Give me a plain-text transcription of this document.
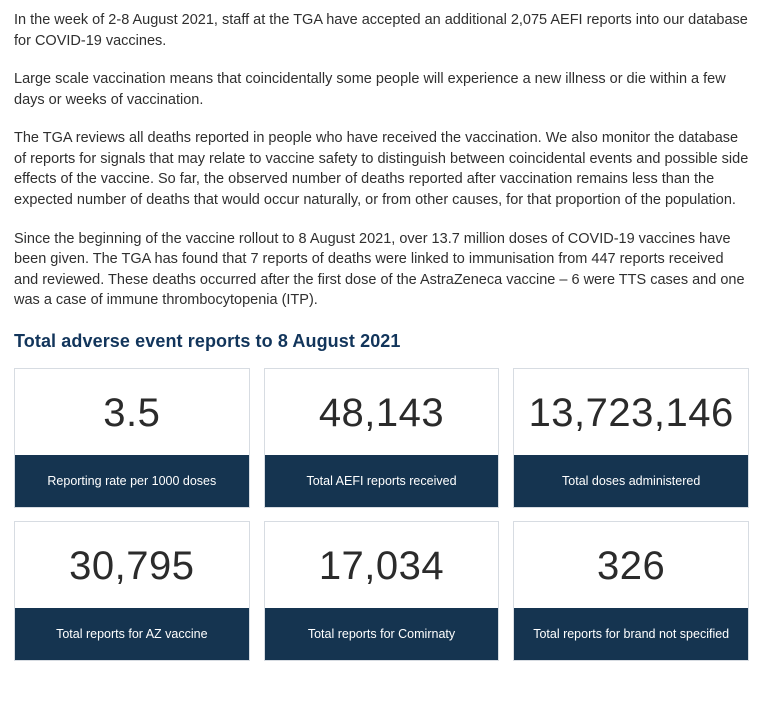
In the week of 2-8 August 2021, staff at the TGA have accepted an additional 2,075 AEFI reports into our database for COVID-19 vaccines.

Large scale vaccination means that coincidentally some people will experience a new illness or die within a few days or weeks of vaccination.

The TGA reviews all deaths reported in people who have received the vaccination. We also monitor the database of reports for signals that may relate to vaccine safety to distinguish between coincidental events and possible side effects of the vaccine. So far, the observed number of deaths reported after vaccination remains less than the expected number of deaths that would occur naturally, or from other causes, for that proportion of the population.

Since the beginning of the vaccine rollout to 8 August 2021, over 13.7 million doses of COVID-19 vaccines have been given. The TGA has found that 7 reports of deaths were linked to immunisation from 447 reports received and reviewed. These deaths occurred after the first dose of the AstraZeneca vaccine – 6 were TTS cases and one was a case of immune thrombocytopenia (ITP).

Total adverse event reports to 8 August 2021
3.5
Reporting rate per 1000 doses
48,143
Total AEFI reports received
13,723,146
Total doses administered
30,795
Total reports for AZ vaccine
17,034
Total reports for Comirnaty
326
Total reports for brand not specified
